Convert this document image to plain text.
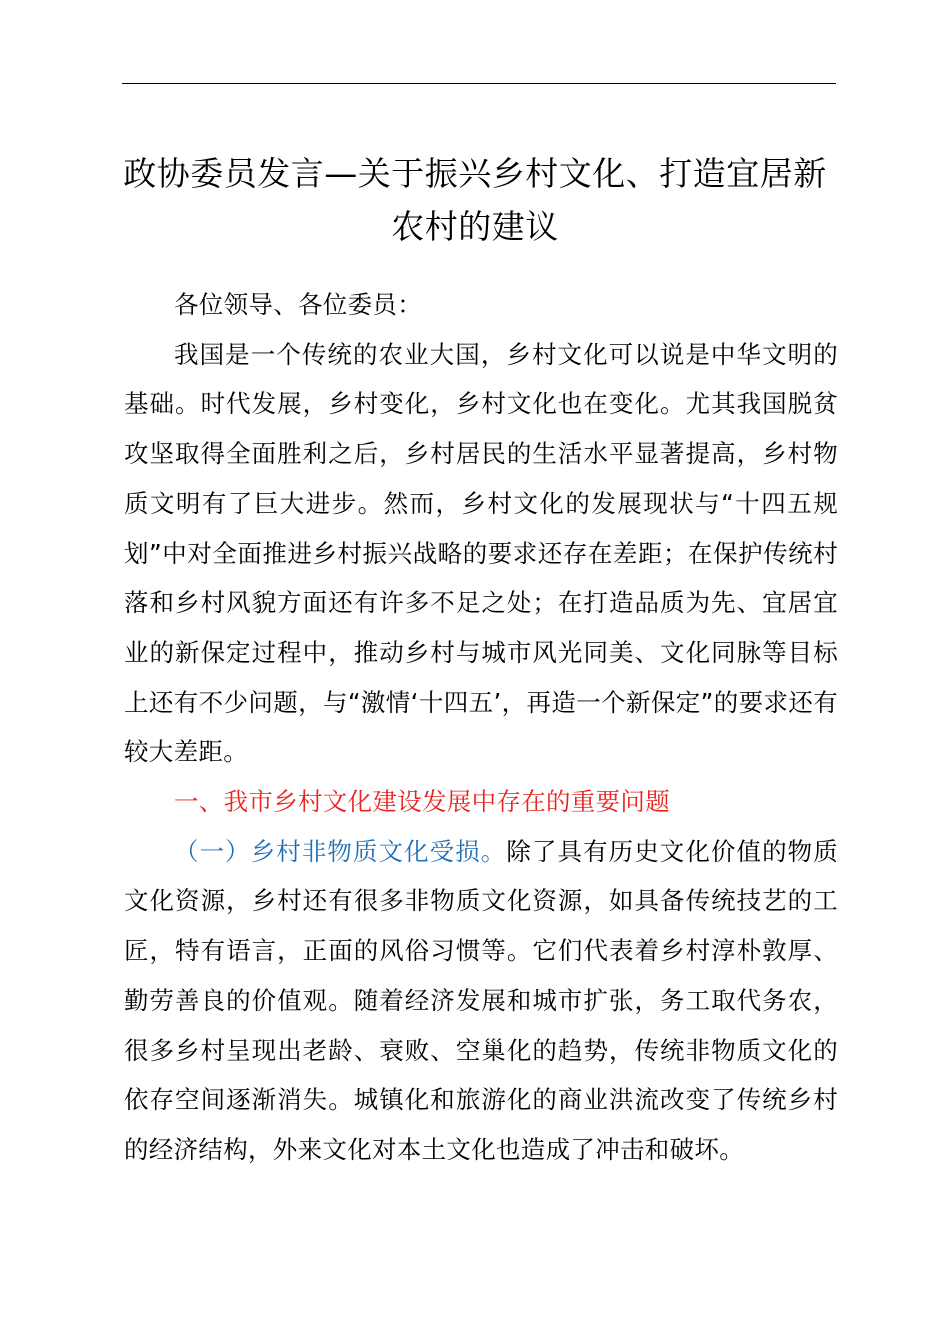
政协委员发言—关于振兴乡村文化、打造宜居新农村的建议

各位领导、各位委员：

我国是一个传统的农业大国，乡村文化可以说是中华文明的基础。时代发展，乡村变化，乡村文化也在变化。尤其我国脱贫攻坚取得全面胜利之后，乡村居民的生活水平显著提高，乡村物质文明有了巨大进步。然而，乡村文化的发展现状与“十四五规划”中对全面推进乡村振兴战略的要求还存在差距；在保护传统村落和乡村风貌方面还有许多不足之处；在打造品质为先、宜居宜业的新保定过程中，推动乡村与城市风光同美、文化同脉等目标上还有不少问题，与“激情‘十四五’，再造一个新保定”的要求还有较大差距。

一、我市乡村文化建设发展中存在的重要问题

（一）乡村非物质文化受损。除了具有历史文化价值的物质文化资源，乡村还有很多非物质文化资源，如具备传统技艺的工匠，特有语言，正面的风俗习惯等。它们代表着乡村淳朴敦厚、勤劳善良的价值观。随着经济发展和城市扩张，务工取代务农，很多乡村呈现出老龄、衰败、空巢化的趋势，传统非物质文化的依存空间逐渐消失。城镇化和旅游化的商业洪流改变了传统乡村的经济结构，外来文化对本土文化也造成了冲击和破坏。
